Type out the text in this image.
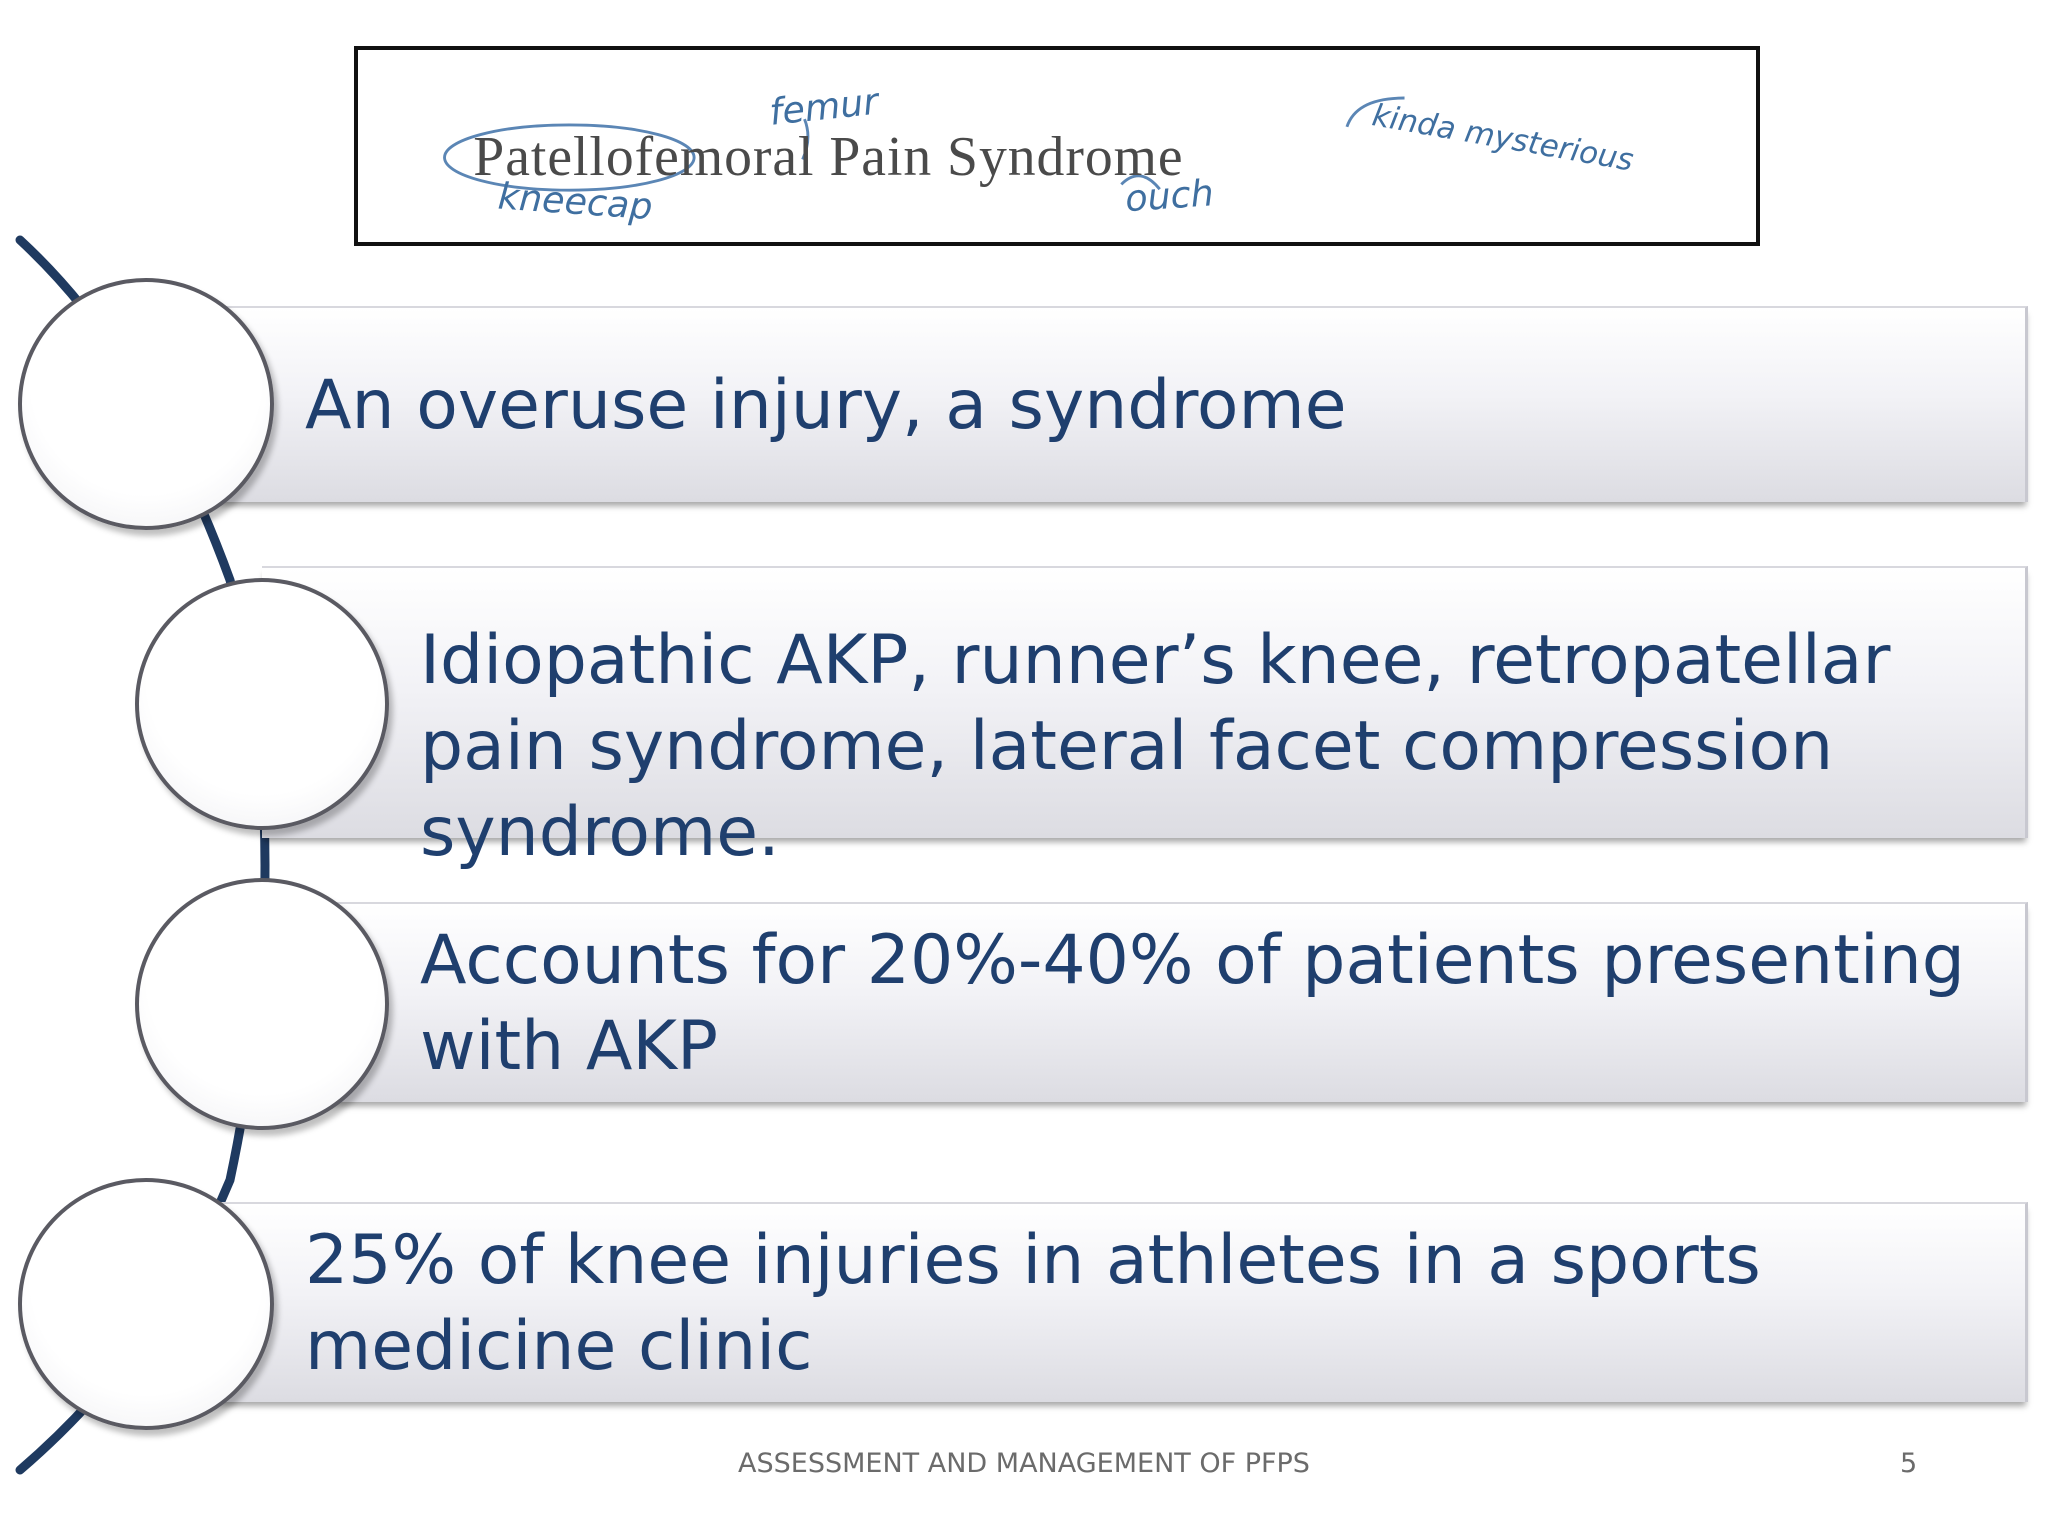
Patellofemoral Pain Syndrome
femur
kneecap
kinda mysterious
ouch
An overuse injury, a syndrome
Idiopathic AKP, runner’s knee, retropatellar pain syndrome, lateral facet compression syndrome.
Accounts for 20%-40% of patients presenting with AKP
25% of knee injuries in athletes in a sports medicine clinic
ASSESSMENT AND MANAGEMENT OF PFPS	5
